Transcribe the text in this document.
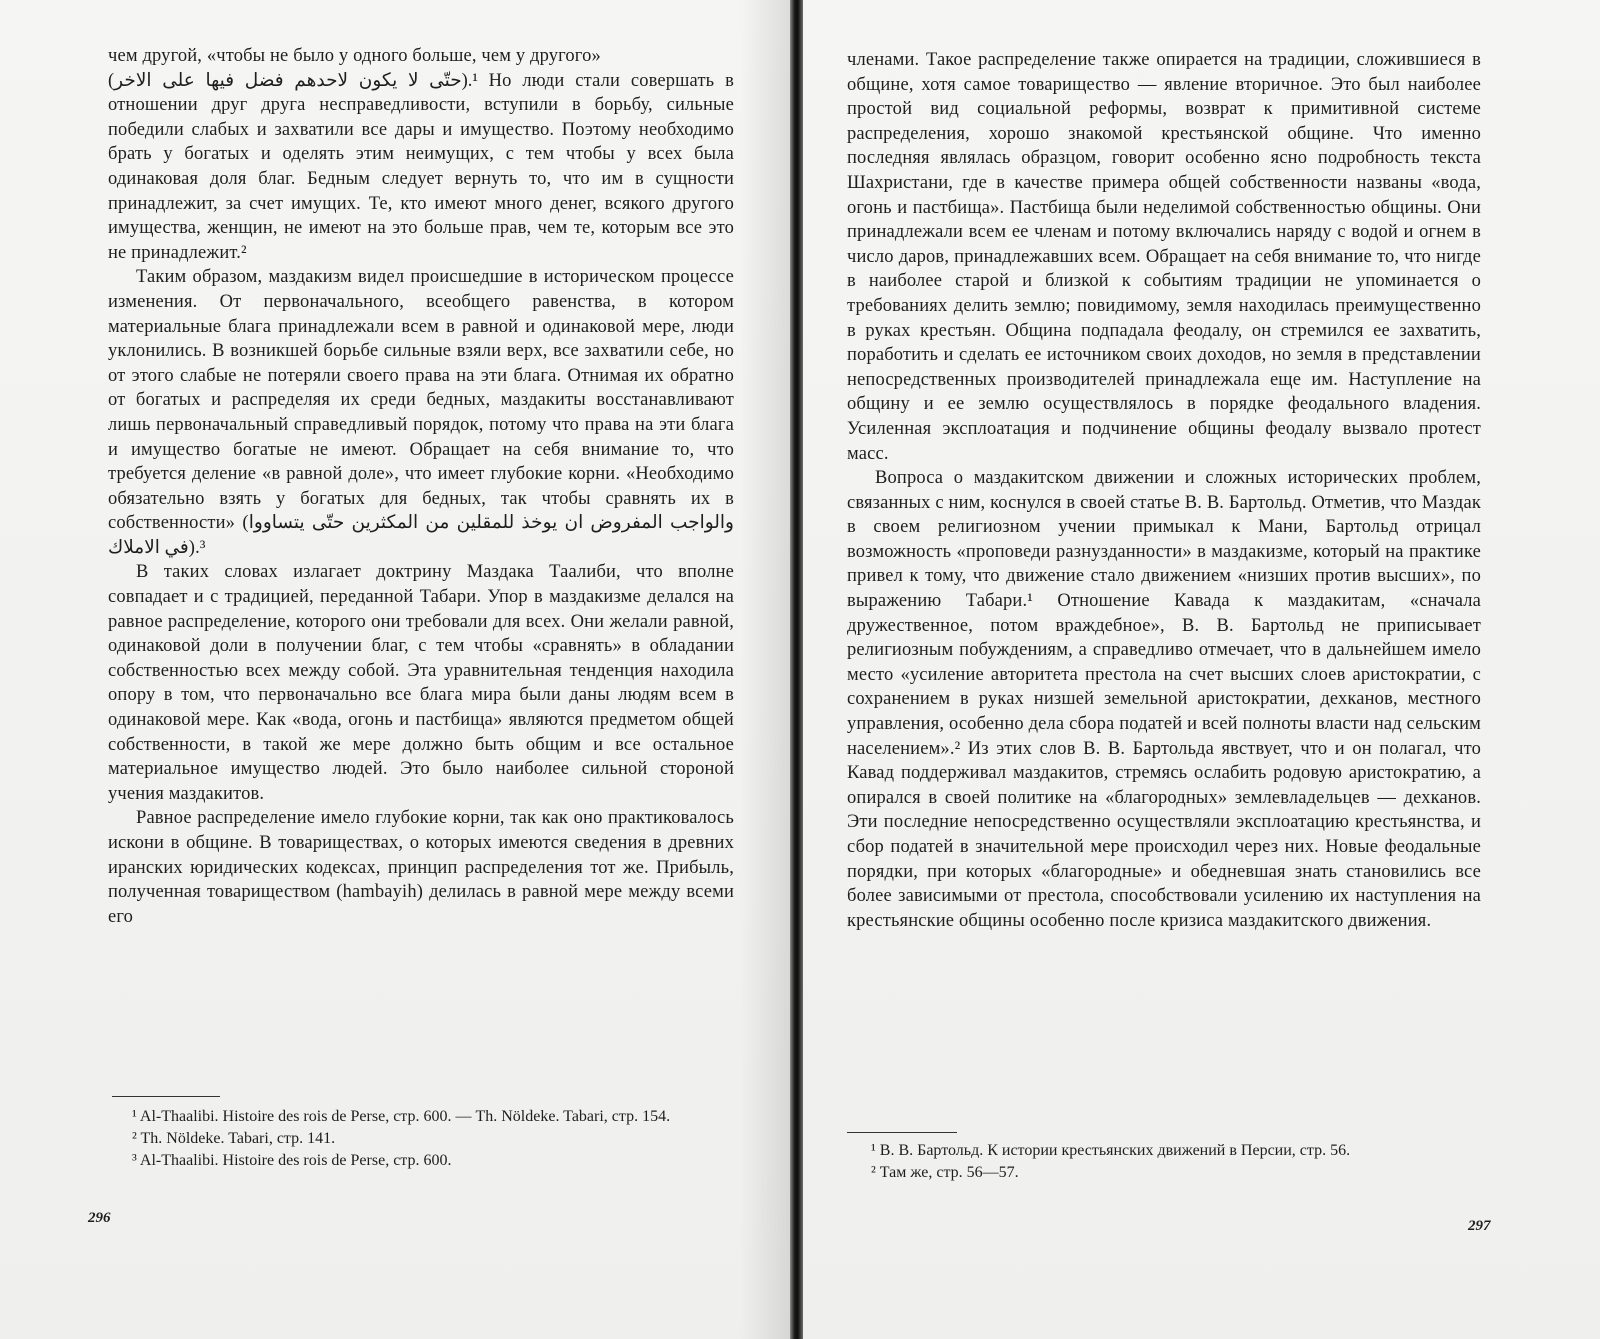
чем другой, «чтобы не было у одного больше, чем у другого»

(حتّى لا يكون لاحدهم فضل فيها على الاخر).¹ Но люди стали совершать в отношении друг друга несправедливости, вступили в борьбу, сильные победили слабых и захватили все дары и имущество. Поэтому необходимо брать у богатых и оделять этим неимущих, с тем чтобы у всех была одинаковая доля благ. Бедным следует вернуть то, что им в сущности принадлежит, за счет имущих. Те, кто имеют много денег, всякого другого имущества, женщин, не имеют на это больше прав, чем те, которым все это не принадлежит.²

Таким образом, маздакизм видел происшедшие в историческом процессе изменения. От первоначального, всеобщего равенства, в котором материальные блага принадлежали всем в равной и одинаковой мере, люди уклонились. В возникшей борьбе сильные взяли верх, все захватили себе, но от этого слабые не потеряли своего права на эти блага. Отнимая их обратно от богатых и распределяя их среди бедных, маздакиты восстанавливают лишь первоначальный справедливый порядок, потому что права на эти блага и имущество богатые не имеют. Обращает на себя внимание то, что требуется деление «в равной доле», что имеет глубокие корни. «Необходимо обязательно взять у богатых для бедных, так чтобы сравнять их в собственности» (والواجب المفروض ان يوخذ للمقلين من المكثرين حتّى يتساووا في الاملاك).³

В таких словах излагает доктрину Маздака Таалиби, что вполне совпадает и с традицией, переданной Табари. Упор в маздакизме делался на равное распределение, которого они требовали для всех. Они желали равной, одинаковой доли в получении благ, с тем чтобы «сравнять» в обладании собственностью всех между собой. Эта уравнительная тенденция находила опору в том, что первоначально все блага мира были даны людям всем в одинаковой мере. Как «вода, огонь и пастбища» являются предметом общей собственности, в такой же мере должно быть общим и все остальное материальное имущество людей. Это было наиболее сильной стороной учения маздакитов.

Равное распределение имело глубокие корни, так как оно практиковалось искони в общине. В товариществах, о которых имеются сведения в древних иранских юридических кодексах, принцип распределения тот же. Прибыль, полученная товариществом (hambayih) делилась в равной мере между всеми его

¹ Al-Thaalibi. Histoire des rois de Perse, стр. 600. — Th. Nöldeke. Tabari, стр. 154.

² Th. Nöldeke. Tabari, стр. 141.

³ Al-Thaalibi. Histoire des rois de Perse, стр. 600.

296

членами. Такое распределение также опирается на традиции, сложившиеся в общине, хотя самое товарищество — явление вторичное. Это был наиболее простой вид социальной реформы, возврат к примитивной системе распределения, хорошо знакомой крестьянской общине. Что именно последняя являлась образцом, говорит особенно ясно подробность текста Шахристани, где в качестве примера общей собственности названы «вода, огонь и пастбища». Пастбища были неделимой собственностью общины. Они принадлежали всем ее членам и потому включались наряду с водой и огнем в число даров, принадлежавших всем. Обращает на себя внимание то, что нигде в наиболее старой и близкой к событиям традиции не упоминается о требованиях делить землю; повидимому, земля находилась преимущественно в руках крестьян. Община подпадала феодалу, он стремился ее захватить, поработить и сделать ее источником своих доходов, но земля в представлении непосредственных производителей принадлежала еще им. Наступление на общину и ее землю осуществлялось в порядке феодального владения. Усиленная эксплоатация и подчинение общины феодалу вызвало протест масс.

Вопроса о маздакитском движении и сложных исторических проблем, связанных с ним, коснулся в своей статье В. В. Бартольд. Отметив, что Маздак в своем религиозном учении примыкал к Мани, Бартольд отрицал возможность «проповеди разнузданности» в маздакизме, который на практике привел к тому, что движение стало движением «низших против высших», по выражению Табари.¹ Отношение Кавада к маздакитам, «сначала дружественное, потом враждебное», В. В. Бартольд не приписывает религиозным побуждениям, а справедливо отмечает, что в дальнейшем имело место «усиление авторитета престола на счет высших слоев аристократии, с сохранением в руках низшей земельной аристократии, дехканов, местного управления, особенно дела сбора податей и всей полноты власти над сельским населением».² Из этих слов В. В. Бартольда явствует, что и он полагал, что Кавад поддерживал маздакитов, стремясь ослабить родовую аристократию, а опирался в своей политике на «благородных» землевладельцев — дехканов. Эти последние непосредственно осуществляли эксплоатацию крестьянства, и сбор податей в значительной мере происходил через них. Новые феодальные порядки, при которых «благородные» и обедневшая знать становились все более зависимыми от престола, способствовали усилению их наступления на крестьянские общины особенно после кризиса маздакитского движения.

¹ В. В. Бартольд. К истории крестьянских движений в Персии, стр. 56.

² Там же, стр. 56—57.

297
